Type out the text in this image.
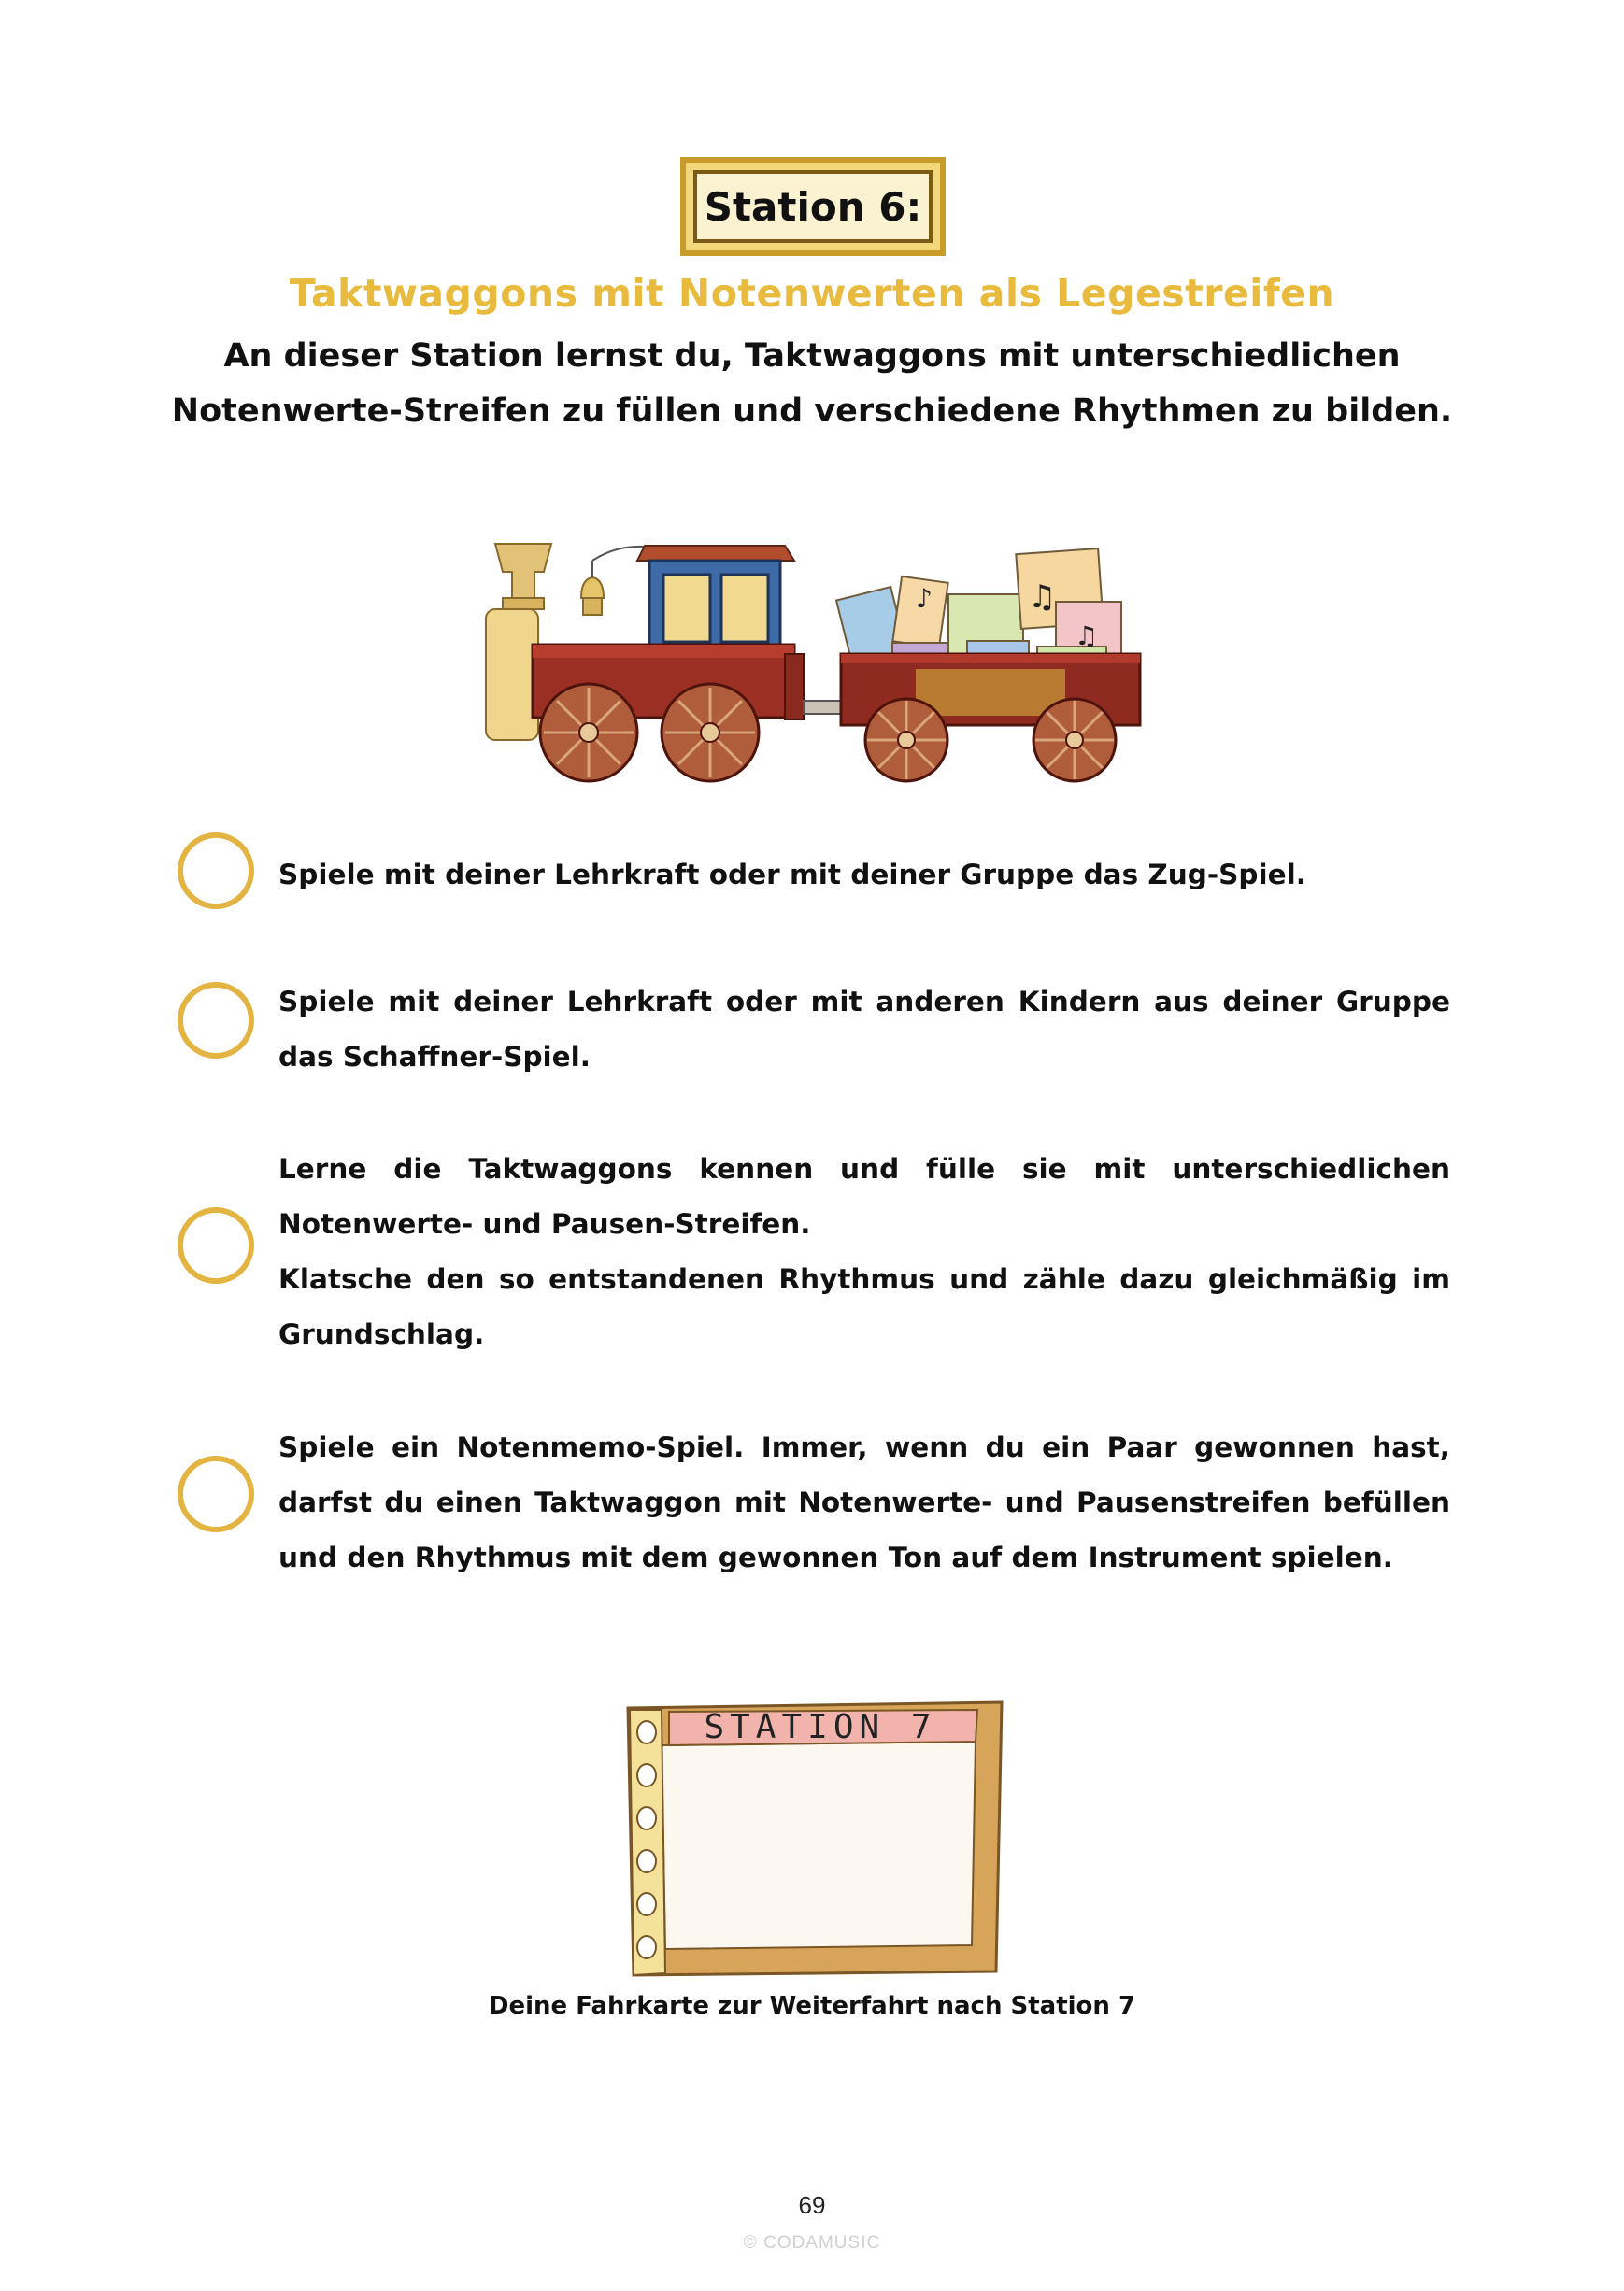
Station 6:
Taktwaggons mit Notenwerten als Legestreifen
An dieser Station lernst du, Taktwaggons mit unterschiedlichen
Notenwerte-Streifen zu füllen und verschiedene Rhythmen zu bilden.
♫
♪
♫

Spiele mit deiner Lehrkraft oder mit deiner Gruppe das Zug-Spiel.

Spiele mit deiner Lehrkraft oder mit anderen Kindern aus deiner Gruppe das Schaffner-Spiel.

Lerne die Taktwaggons kennen und fülle sie mit unterschiedlichen Notenwerte- und Pausen-Streifen.

Klatsche den so entstandenen Rhythmus und zähle dazu gleichmäßig im Grundschlag.

Spiele ein Notenmemo-Spiel. Immer, wenn du ein Paar gewonnen hast, darfst du einen Taktwaggon mit Notenwerte- und Pausenstreifen befüllen und den Rhythmus mit dem gewonnen Ton auf dem Instrument spielen.

STATION 7
Deine Fahrkarte zur Weiterfahrt nach Station 7
69
© CODAMUSIC
